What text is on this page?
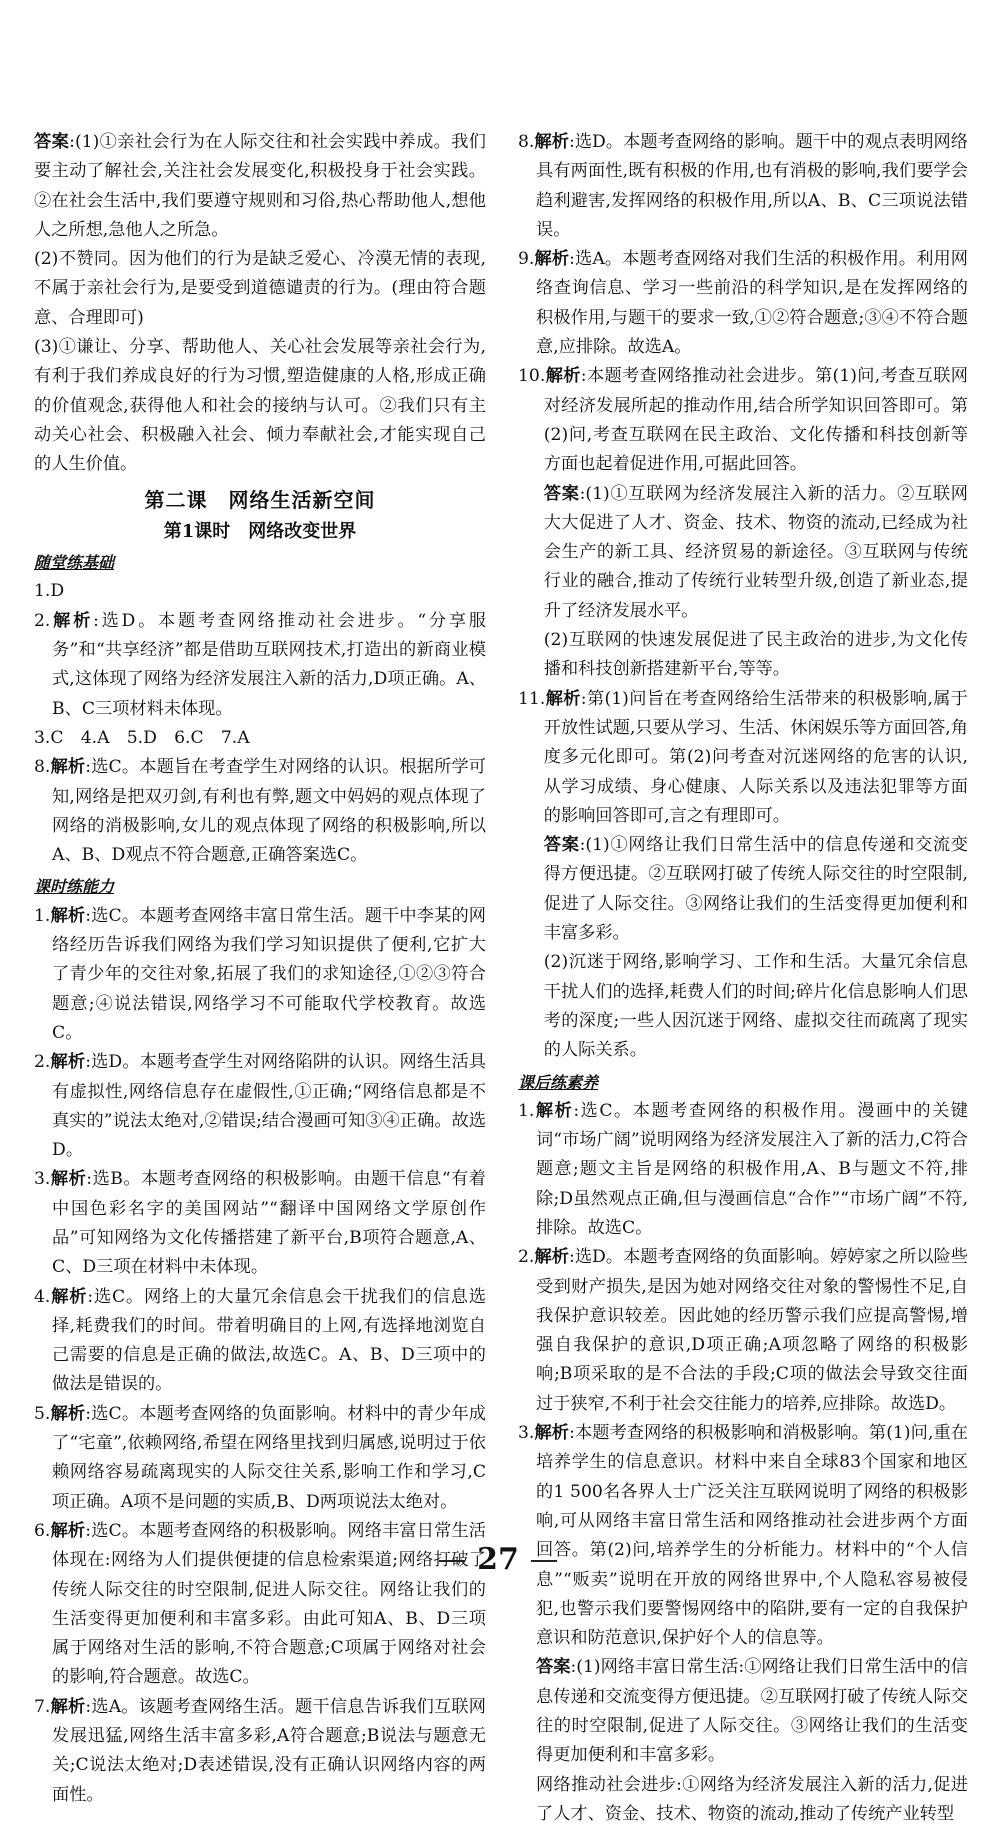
答案:(1)①亲社会行为在人际交往和社会实践中养成。我们要主动了解社会,关注社会发展变化,积极投身于社会实践。②在社会生活中,我们要遵守规则和习俗,热心帮助他人,想他人之所想,急他人之所急。

(2)不赞同。因为他们的行为是缺乏爱心、冷漠无情的表现,不属于亲社会行为,是要受到道德谴责的行为。(理由符合题意、合理即可)

(3)①谦让、分享、帮助他人、关心社会发展等亲社会行为,有利于我们养成良好的行为习惯,塑造健康的人格,形成正确的价值观念,获得他人和社会的接纳与认可。②我们只有主动关心社会、积极融入社会、倾力奉献社会,才能实现自己的人生价值。

第二课　网络生活新空间
第1课时　网络改变世界
随堂练基础

1.D

2.解析:选D。本题考查网络推动社会进步。“分享服务”和“共享经济”都是借助互联网技术,打造出的新商业模式,这体现了网络为经济发展注入新的活力,D项正确。A、B、C三项材料未体现。

3.C　4.A　5.D　6.C　7.A

8.解析:选C。本题旨在考查学生对网络的认识。根据所学可知,网络是把双刃剑,有利也有弊,题文中妈妈的观点体现了网络的消极影响,女儿的观点体现了网络的积极影响,所以A、B、D观点不符合题意,正确答案选C。

课时练能力

1.解析:选C。本题考查网络丰富日常生活。题干中李某的网络经历告诉我们网络为我们学习知识提供了便利,它扩大了青少年的交往对象,拓展了我们的求知途径,①②③符合题意;④说法错误,网络学习不可能取代学校教育。故选C。

2.解析:选D。本题考查学生对网络陷阱的认识。网络生活具有虚拟性,网络信息存在虚假性,①正确;“网络信息都是不真实的”说法太绝对,②错误;结合漫画可知③④正确。故选D。

3.解析:选B。本题考查网络的积极影响。由题干信息“有着中国色彩名字的美国网站”“翻译中国网络文学原创作品”可知网络为文化传播搭建了新平台,B项符合题意,A、C、D三项在材料中未体现。

4.解析:选C。网络上的大量冗余信息会干扰我们的信息选择,耗费我们的时间。带着明确目的上网,有选择地浏览自己需要的信息是正确的做法,故选C。A、B、D三项中的做法是错误的。

5.解析:选C。本题考查网络的负面影响。材料中的青少年成了“宅童”,依赖网络,希望在网络里找到归属感,说明过于依赖网络容易疏离现实的人际交往关系,影响工作和学习,C项正确。A项不是问题的实质,B、D两项说法太绝对。

6.解析:选C。本题考查网络的积极影响。网络丰富日常生活体现在:网络为人们提供便捷的信息检索渠道;网络打破了传统人际交往的时空限制,促进人际交往。网络让我们的生活变得更加便利和丰富多彩。由此可知A、B、D三项属于网络对生活的影响,不符合题意;C项属于网络对社会的影响,符合题意。故选C。

7.解析:选A。该题考查网络生活。题干信息告诉我们互联网发展迅猛,网络生活丰富多彩,A符合题意;B说法与题意无关;C说法太绝对;D表述错误,没有正确认识网络内容的两面性。

8.解析:选D。本题考查网络的影响。题干中的观点表明网络具有两面性,既有积极的作用,也有消极的影响,我们要学会趋利避害,发挥网络的积极作用,所以A、B、C三项说法错误。

9.解析:选A。本题考查网络对我们生活的积极作用。利用网络查询信息、学习一些前沿的科学知识,是在发挥网络的积极作用,与题干的要求一致,①②符合题意;③④不符合题意,应排除。故选A。

10.解析:本题考查网络推动社会进步。第(1)问,考查互联网对经济发展所起的推动作用,结合所学知识回答即可。第(2)问,考查互联网在民主政治、文化传播和科技创新等方面也起着促进作用,可据此回答。

答案:(1)①互联网为经济发展注入新的活力。②互联网大大促进了人才、资金、技术、物资的流动,已经成为社会生产的新工具、经济贸易的新途径。③互联网与传统行业的融合,推动了传统行业转型升级,创造了新业态,提升了经济发展水平。

(2)互联网的快速发展促进了民主政治的进步,为文化传播和科技创新搭建新平台,等等。

11.解析:第(1)问旨在考查网络给生活带来的积极影响,属于开放性试题,只要从学习、生活、休闲娱乐等方面回答,角度多元化即可。第(2)问考查对沉迷网络的危害的认识,从学习成绩、身心健康、人际关系以及违法犯罪等方面的影响回答即可,言之有理即可。

答案:(1)①网络让我们日常生活中的信息传递和交流变得方便迅捷。②互联网打破了传统人际交往的时空限制,促进了人际交往。③网络让我们的生活变得更加便利和丰富多彩。

(2)沉迷于网络,影响学习、工作和生活。大量冗余信息干扰人们的选择,耗费人们的时间;碎片化信息影响人们思考的深度;一些人因沉迷于网络、虚拟交往而疏离了现实的人际关系。

课后练素养

1.解析:选C。本题考查网络的积极作用。漫画中的关键词“市场广阔”说明网络为经济发展注入了新的活力,C符合题意;题文主旨是网络的积极作用,A、B与题文不符,排除;D虽然观点正确,但与漫画信息“合作”“市场广阔”不符,排除。故选C。

2.解析:选D。本题考查网络的负面影响。婷婷家之所以险些受到财产损失,是因为她对网络交往对象的警惕性不足,自我保护意识较差。因此她的经历警示我们应提高警惕,增强自我保护的意识,D项正确;A项忽略了网络的积极影响;B项采取的是不合法的手段;C项的做法会导致交往面过于狭窄,不利于社会交往能力的培养,应排除。故选D。

3.解析:本题考查网络的积极影响和消极影响。第(1)问,重在培养学生的信息意识。材料中来自全球83个国家和地区的1 500名各界人士广泛关注互联网说明了网络的积极影响,可从网络丰富日常生活和网络推动社会进步两个方面回答。第(2)问,培养学生的分析能力。材料中的“个人信息”“贩卖”说明在开放的网络世界中,个人隐私容易被侵犯,也警示我们要警惕网络中的陷阱,要有一定的自我保护意识和防范意识,保护好个人的信息等。

答案:(1)网络丰富日常生活:①网络让我们日常生活中的信息传递和交流变得方便迅捷。②互联网打破了传统人际交往的时空限制,促进了人际交往。③网络让我们的生活变得更加便利和丰富多彩。

网络推动社会进步:①网络为经济发展注入新的活力,促进了人才、资金、技术、物资的流动,推动了传统产业转型

27
